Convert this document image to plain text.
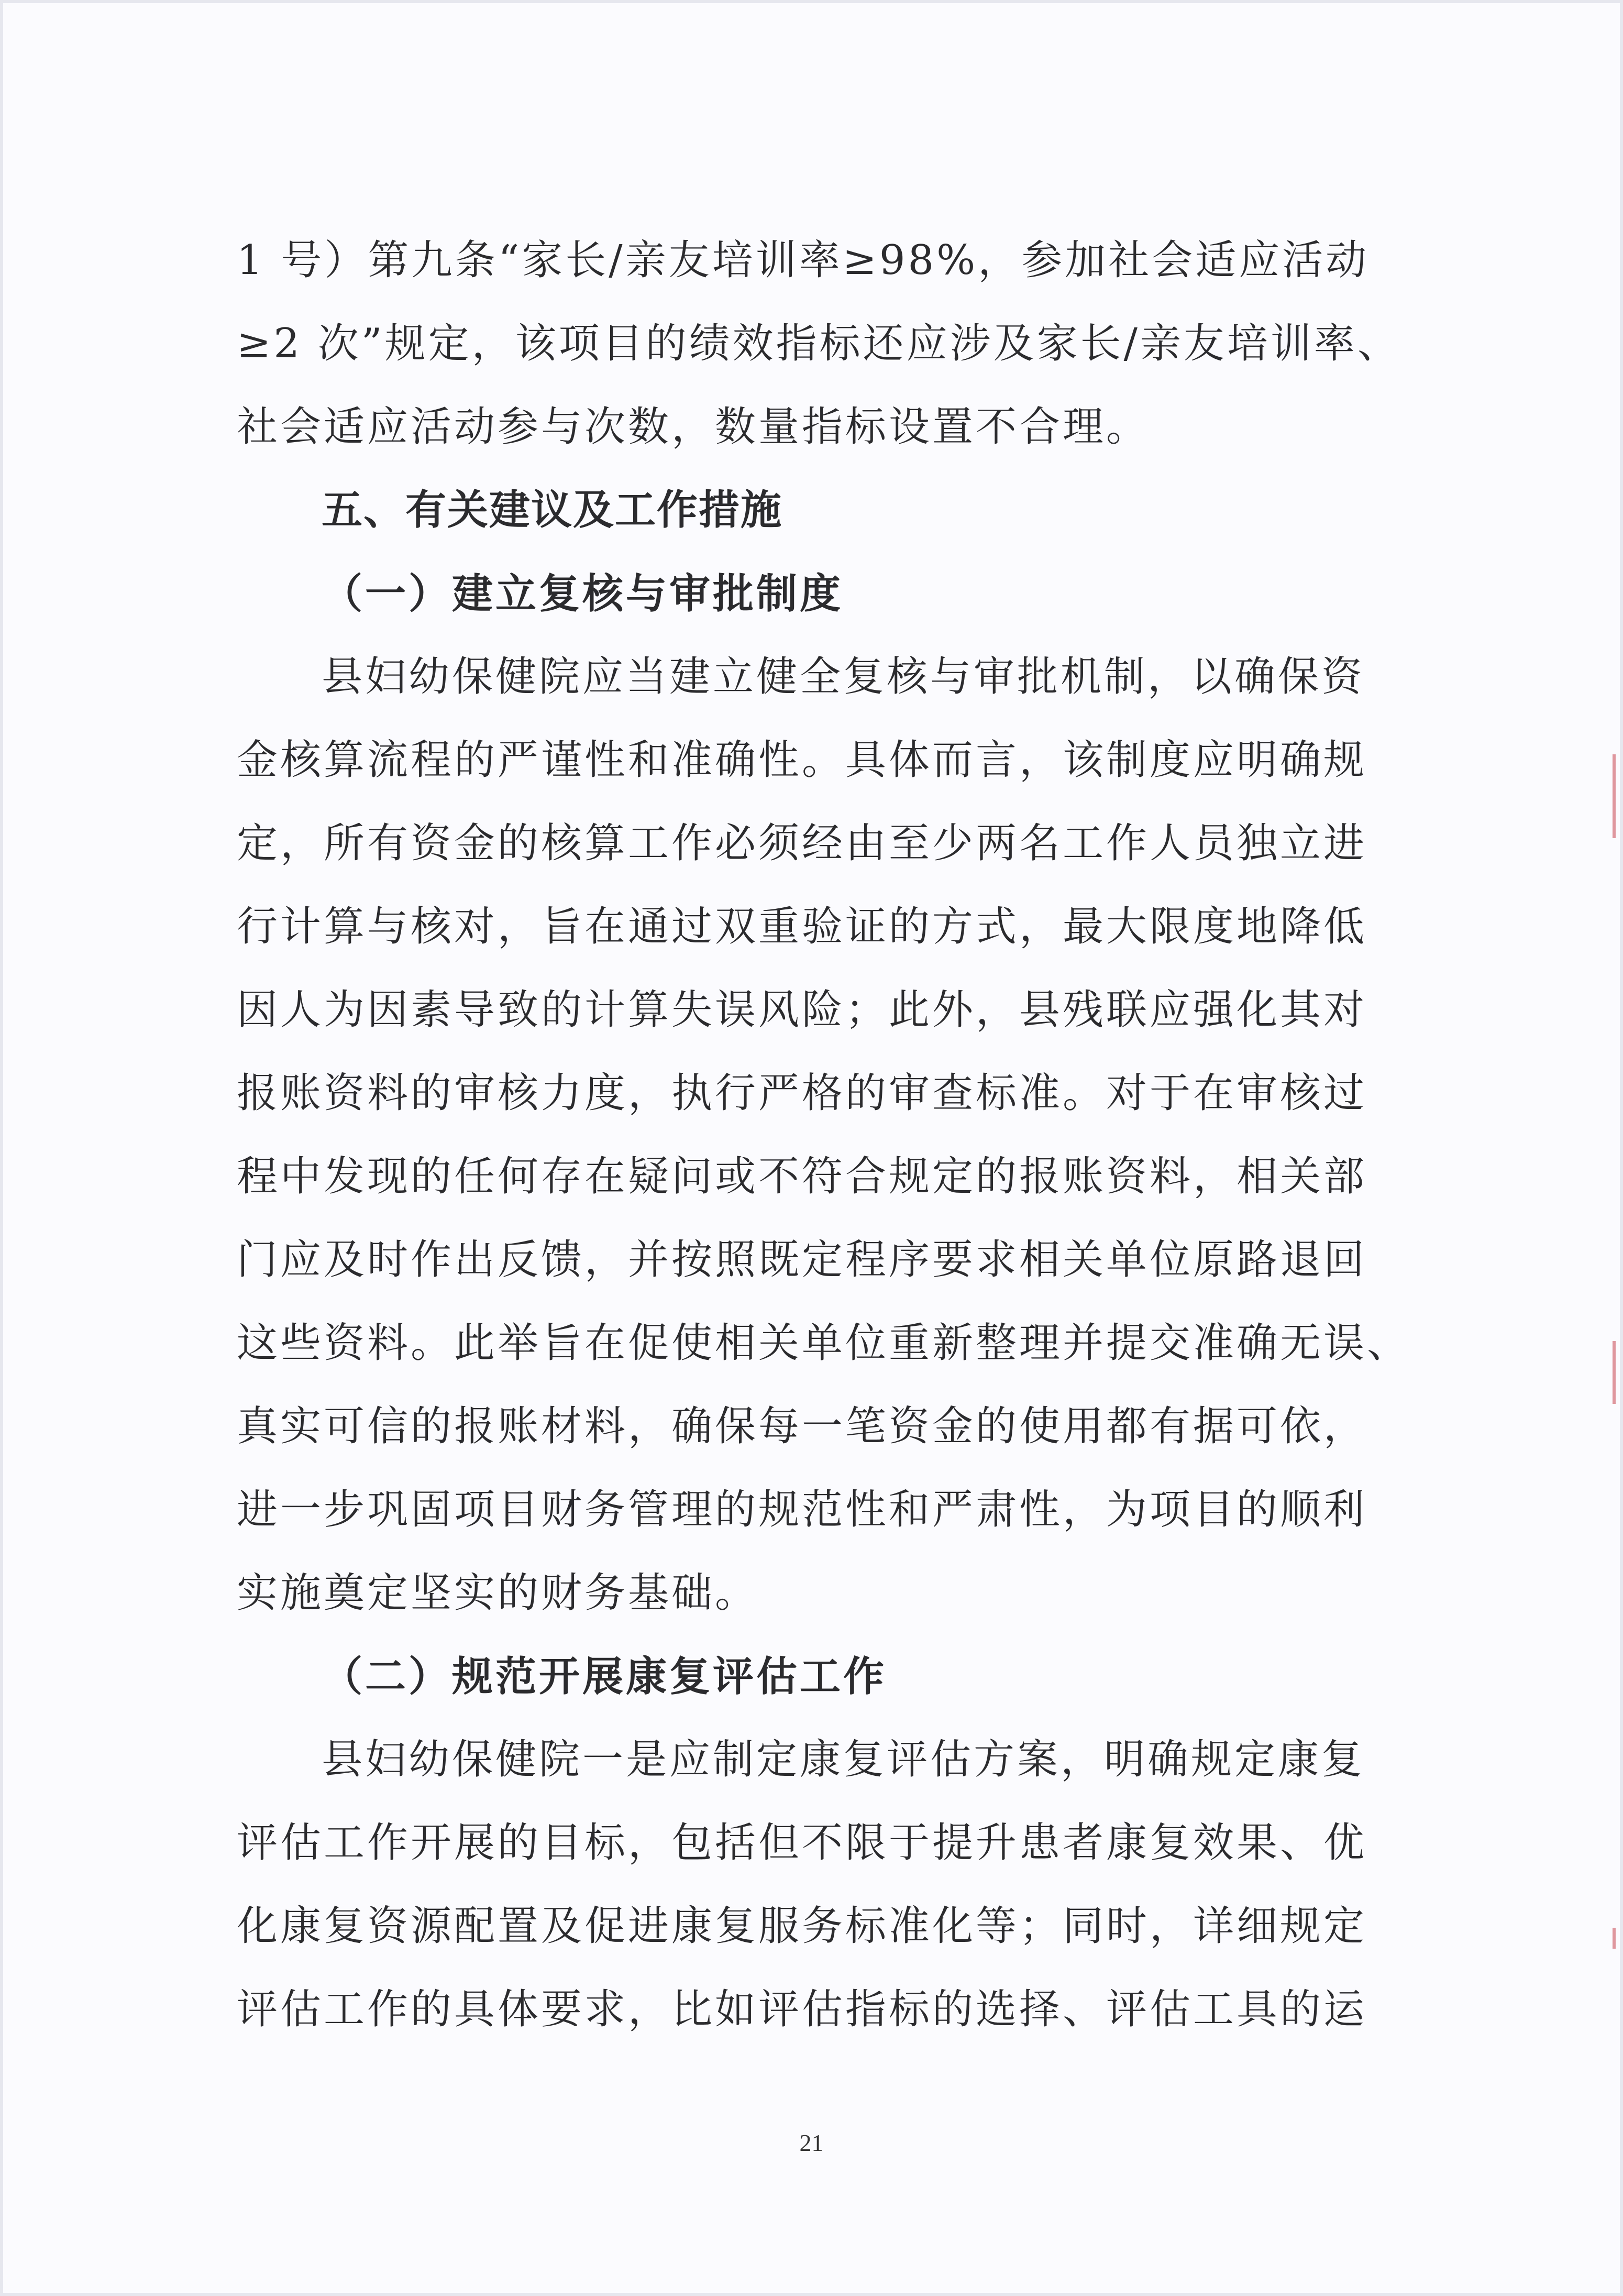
1 号）第九条“家长/亲友培训率≥98%，参加社会适应活动

≥2 次”规定，该项目的绩效指标还应涉及家长/亲友培训率、

社会适应活动参与次数，数量指标设置不合理。

五、有关建议及工作措施

（一）建立复核与审批制度

县妇幼保健院应当建立健全复核与审批机制，以确保资

金核算流程的严谨性和准确性。具体而言，该制度应明确规

定，所有资金的核算工作必须经由至少两名工作人员独立进

行计算与核对，旨在通过双重验证的方式，最大限度地降低

因人为因素导致的计算失误风险；此外，县残联应强化其对

报账资料的审核力度，执行严格的审查标准。对于在审核过

程中发现的任何存在疑问或不符合规定的报账资料，相关部

门应及时作出反馈，并按照既定程序要求相关单位原路退回

这些资料。此举旨在促使相关单位重新整理并提交准确无误、

真实可信的报账材料，确保每一笔资金的使用都有据可依，

进一步巩固项目财务管理的规范性和严肃性，为项目的顺利

实施奠定坚实的财务基础。

（二）规范开展康复评估工作

县妇幼保健院一是应制定康复评估方案，明确规定康复

评估工作开展的目标，包括但不限于提升患者康复效果、优

化康复资源配置及促进康复服务标准化等；同时，详细规定

评估工作的具体要求，比如评估指标的选择、评估工具的运

21
